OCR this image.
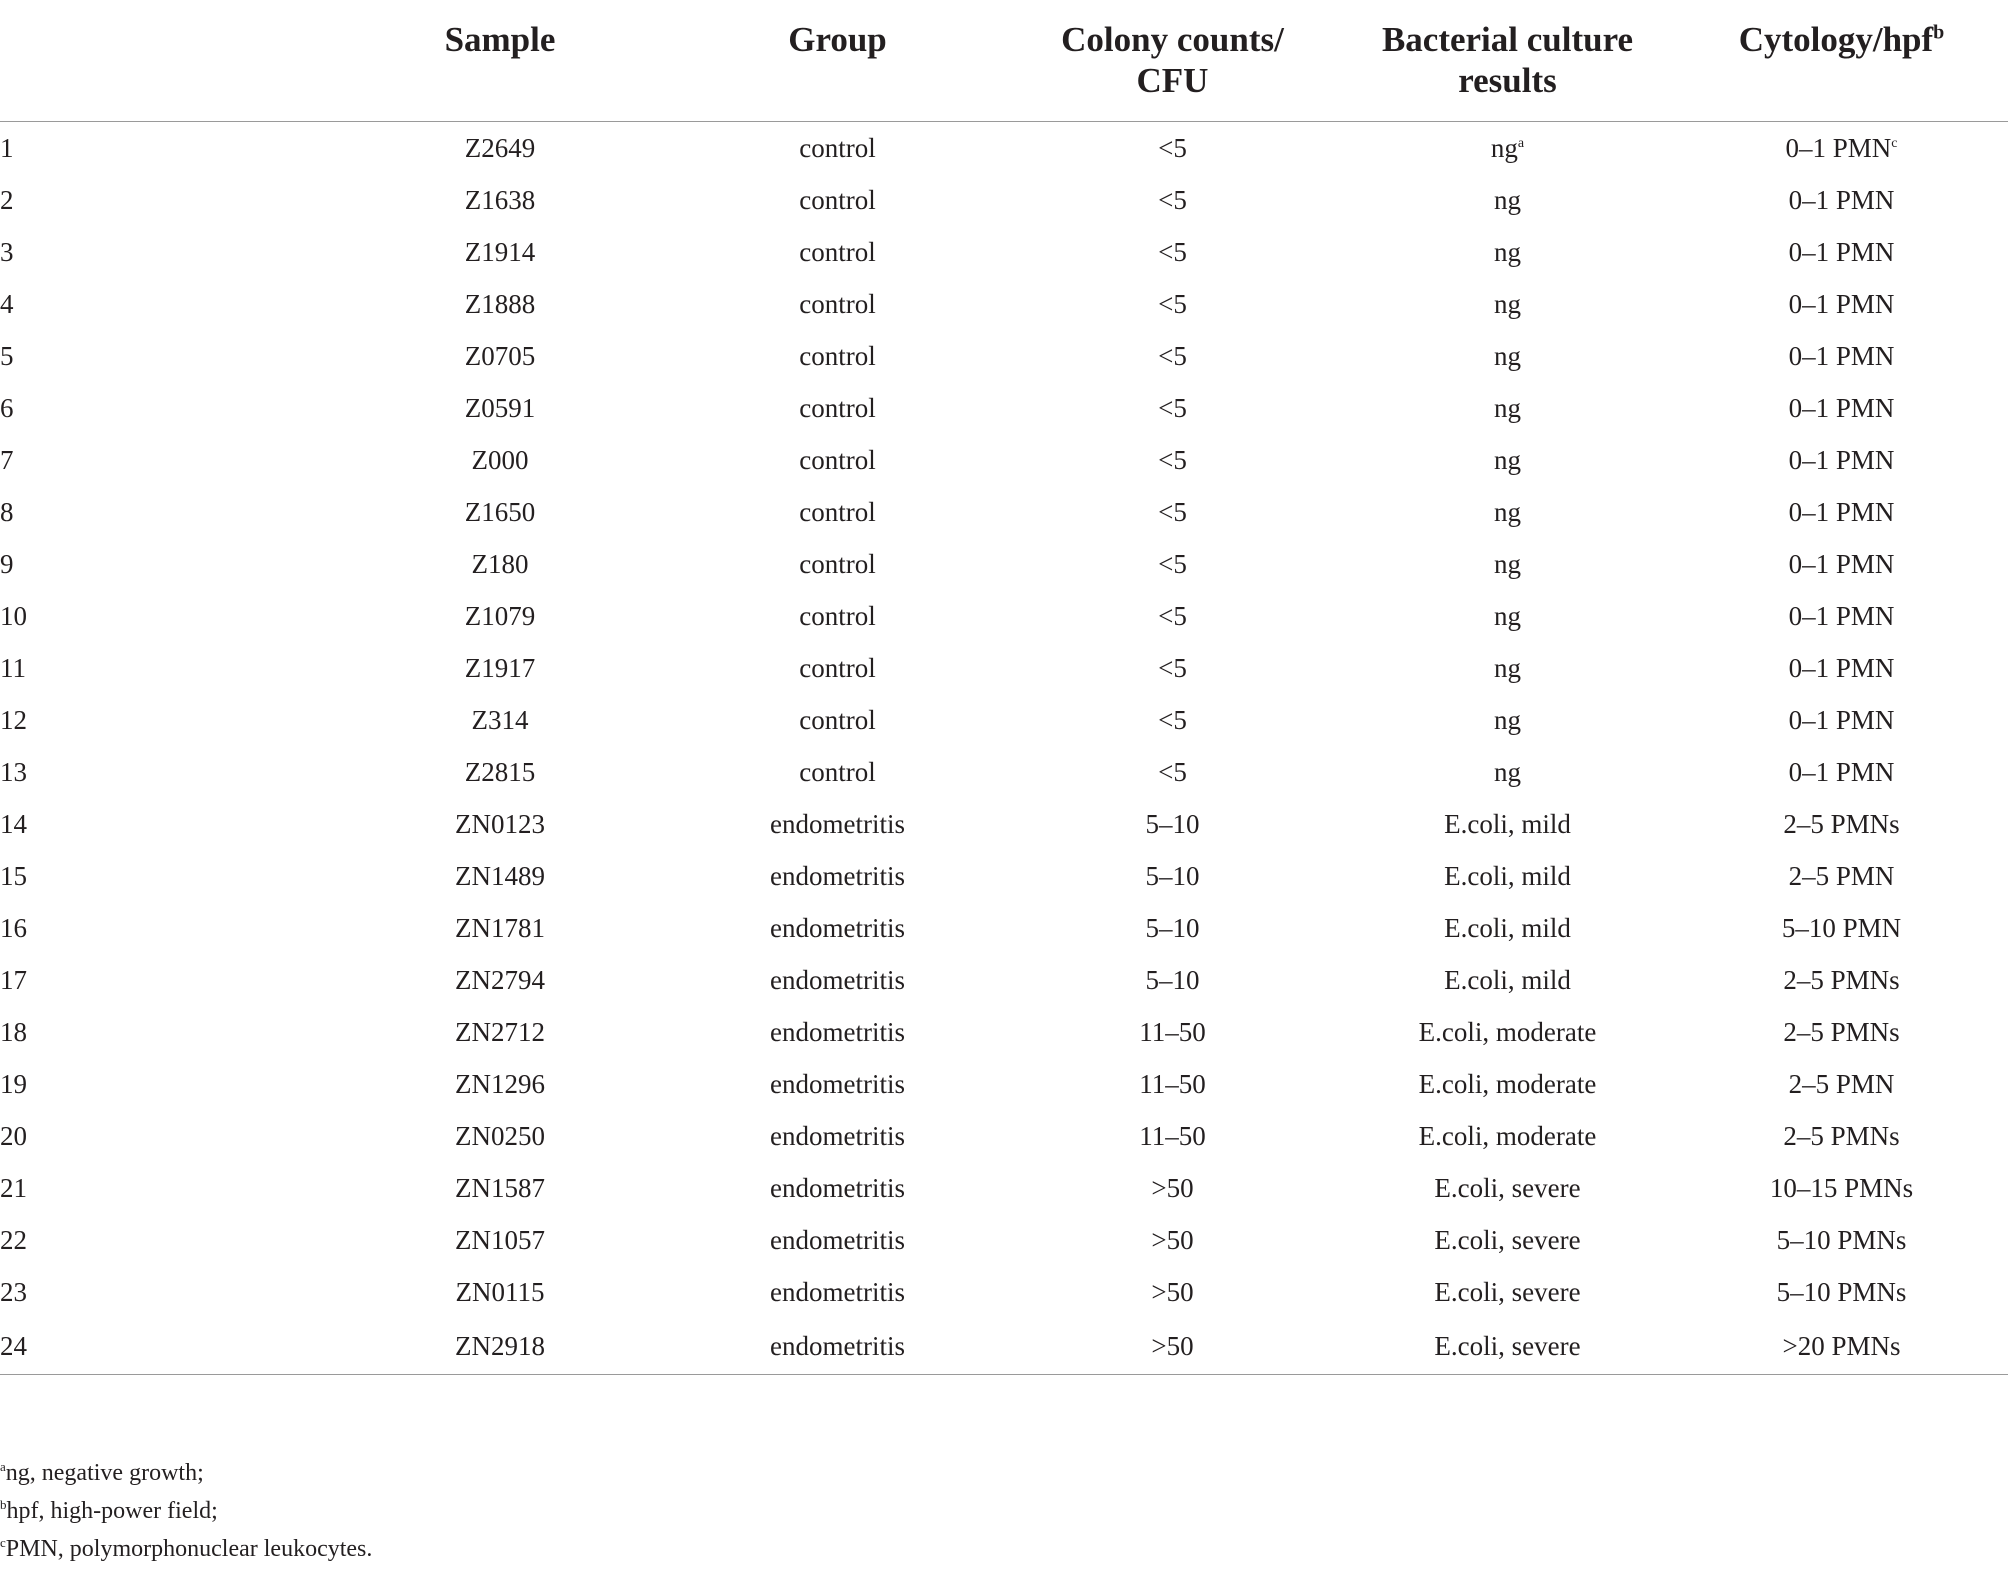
	Sample	Group	Colony counts/ CFU	Bacterial culture results	Cytology/hpf$^b$
1	Z2649	control	<5	$ng^a$	0–1 PMN$^c$
2	Z1638	control	<5	ng	0–1 PMN
3	Z1914	control	<5	ng	0–1 PMN
4	Z1888	control	<5	ng	0–1 PMN
5	Z0705	control	<5	ng	0–1 PMN
6	Z0591	control	<5	ng	0–1 PMN
7	Z000	control	<5	ng	0–1 PMN
8	Z1650	control	<5	ng	0–1 PMN
9	Z180	control	<5	ng	0–1 PMN
10	Z1079	control	<5	ng	0–1 PMN
11	Z1917	control	<5	ng	0–1 PMN
12	Z314	control	<5	ng	0–1 PMN
13	Z2815	control	<5	ng	0–1 PMN
14	ZN0123	endometritis	5–10	E.coli, mild	2–5 PMNs
15	ZN1489	endometritis	5–10	E.coli, mild	2–5 PMN
16	ZN1781	endometritis	5–10	E.coli, mild	5–10 PMN
17	ZN2794	endometritis	5–10	E.coli, mild	2–5 PMNs
18	ZN2712	endometritis	11–50	E.coli, moderate	2–5 PMNs
19	ZN1296	endometritis	11–50	E.coli, moderate	2–5 PMN
20	ZN0250	endometritis	11–50	E.coli, moderate	2–5 PMNs
21	ZN1587	endometritis	>50	E.coli, severe	10–15 PMNs
22	ZN1057	endometritis	>50	E.coli, severe	5–10 PMNs
23	ZN0115	endometritis	>50	E.coli, severe	5–10 PMNs
24	ZN2918	endometritis	>50	E.coli, severe	>20 PMNs
$^a$ng, negative growth;
$^b$hpf, high-power field;
$^c$PMN, polymorphonuclear leukocytes.
